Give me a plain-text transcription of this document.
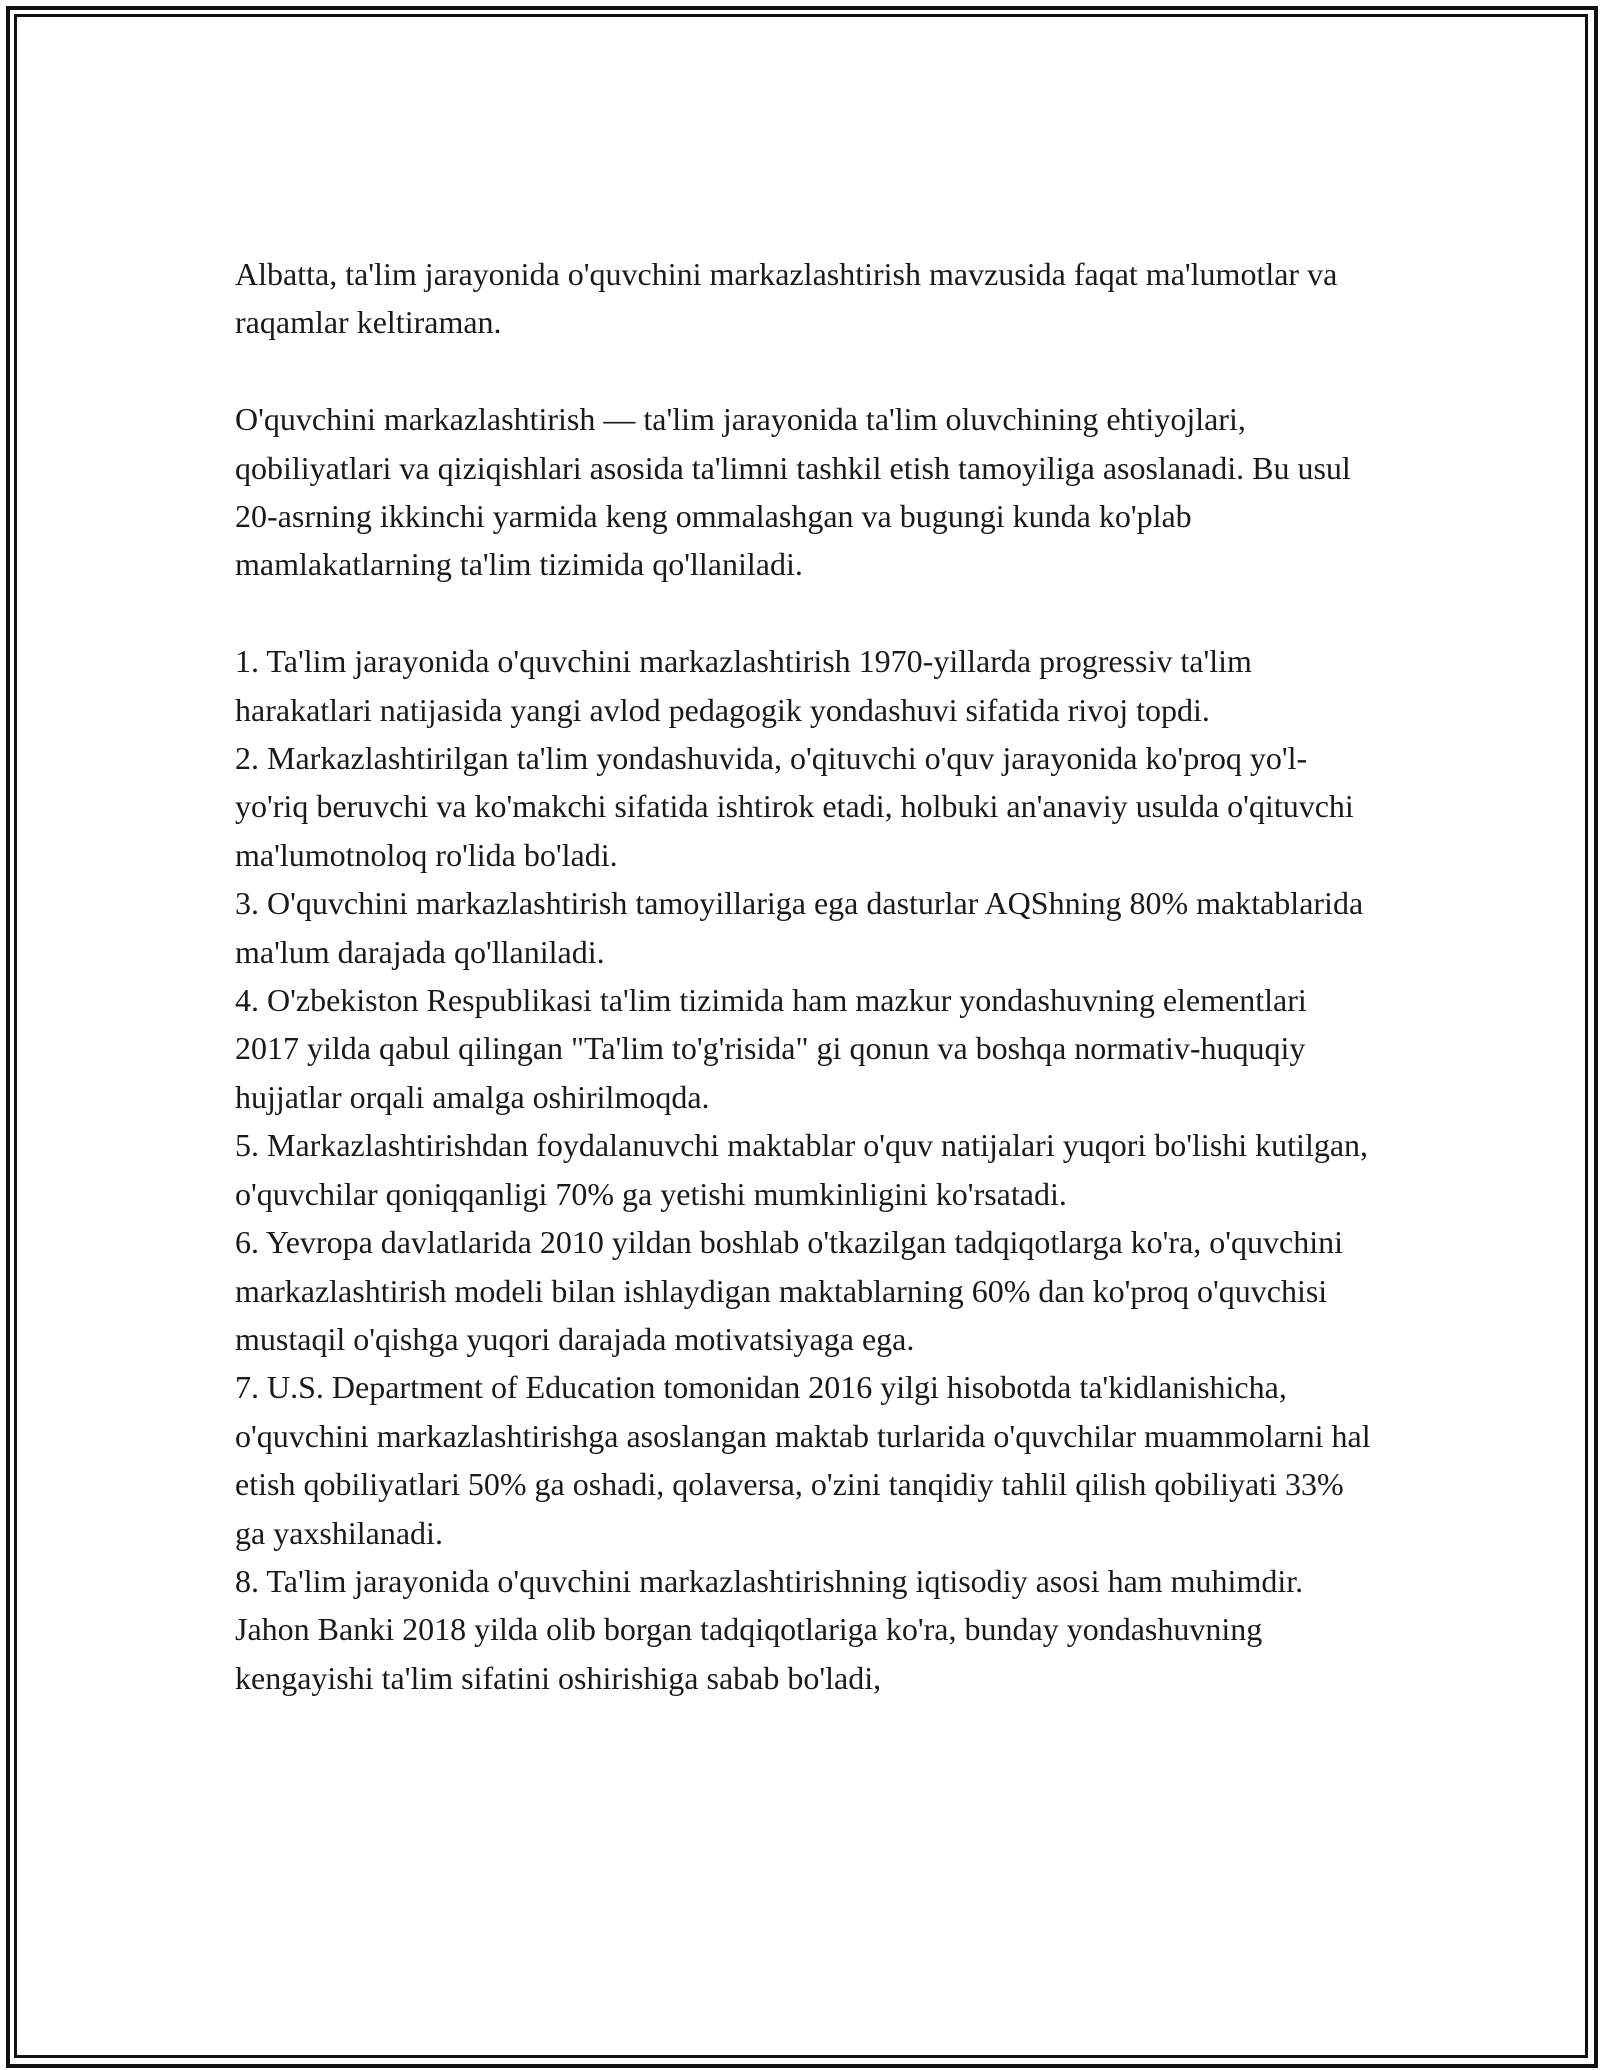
Albatta, ta'lim jarayonida o'quvchini markazlashtirish mavzusida faqat ma'lumotlar va raqamlar keltiraman.

O'quvchini markazlashtirish — ta'lim jarayonida ta'lim oluvchining ehtiyojlari, qobiliyatlari va qiziqishlari asosida ta'limni tashkil etish tamoyiliga asoslanadi. Bu usul 20-asrning ikkinchi yarmida keng ommalashgan va bugungi kunda ko'plab mamlakatlarning ta'lim tizimida qo'llaniladi.

1. Ta'lim jarayonida o'quvchini markazlashtirish 1970-yillarda progressiv ta'lim harakatlari natijasida yangi avlod pedagogik yondashuvi sifatida rivoj topdi.

2. Markazlashtirilgan ta'lim yondashuvida, o'qituvchi o'quv jarayonida ko'proq yo'l-yo'riq beruvchi va ko'makchi sifatida ishtirok etadi, holbuki an'anaviy usulda o'qituvchi ma'lumotnoloq ro'lida bo'ladi.

3. O'quvchini markazlashtirish tamoyillariga ega dasturlar AQShning 80% maktablarida ma'lum darajada qo'llaniladi.

4. O'zbekiston Respublikasi ta'lim tizimida ham mazkur yondashuvning elementlari 2017 yilda qabul qilingan "Ta'lim to'g'risida" gi qonun va boshqa normativ-huquqiy hujjatlar orqali amalga oshirilmoqda.

5. Markazlashtirishdan foydalanuvchi maktablar o'quv natijalari yuqori bo'lishi kutilgan, o'quvchilar qoniqqanligi 70% ga yetishi mumkinligini ko'rsatadi.

6. Yevropa davlatlarida 2010 yildan boshlab o'tkazilgan tadqiqotlarga ko'ra, o'quvchini markazlashtirish modeli bilan ishlaydigan maktablarning 60% dan ko'proq o'quvchisi mustaqil o'qishga yuqori darajada motivatsiyaga ega.

7. U.S. Department of Education tomonidan 2016 yilgi hisobotda ta'kidlanishicha, o'quvchini markazlashtirishga asoslangan maktab turlarida o'quvchilar muammolarni hal etish qobiliyatlari 50% ga oshadi, qolaversa, o'zini tanqidiy tahlil qilish qobiliyati 33% ga yaxshilanadi.

8. Ta'lim jarayonida o'quvchini markazlashtirishning iqtisodiy asosi ham muhimdir. Jahon Banki 2018 yilda olib borgan tadqiqotlariga ko'ra, bunday yondashuvning kengayishi ta'lim sifatini oshirishiga sabab bo'ladi,
